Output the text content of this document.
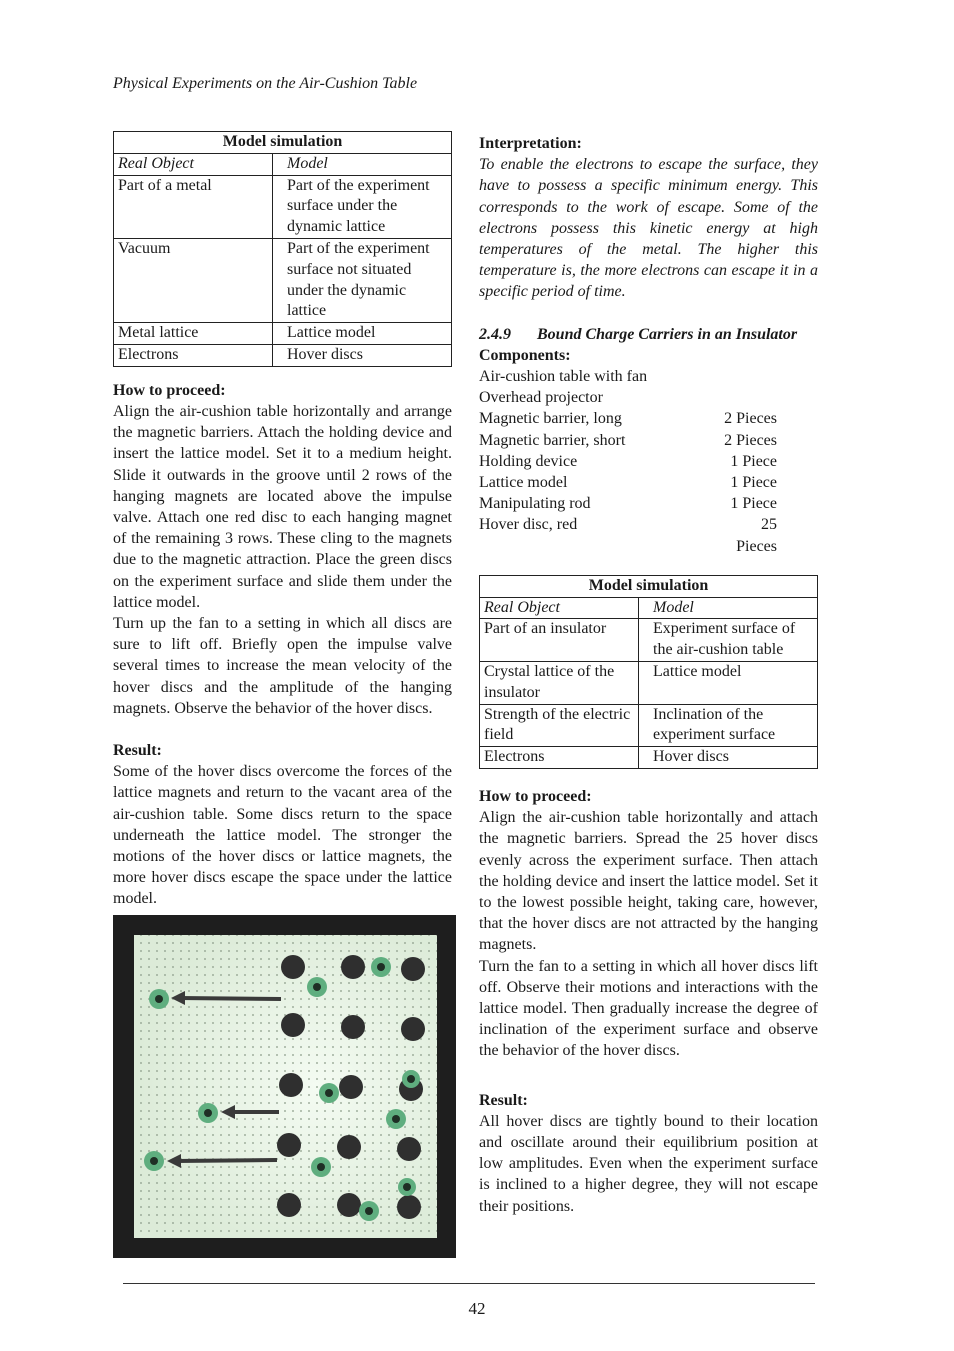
Physical Experiments on the Air-Cushion Table
Model simulation	
Real Object	Model
Part of a metal	Part of the experiment surface under the dynamic lattice
Vacuum	Part of the experiment surface not situated under the dynamic lattice
Metal lattice	Lattice model
Electrons	Hover discs
How to proceed:

Align the air-cushion table horizontally and arrange the magnetic barriers. Attach the holding device and insert the lattice model. Set it to a medium height. Slide it outwards in the groove until 2 rows of the hanging magnets are located above the impulse valve. Attach one red disc to each hanging magnet of the remaining 3 rows. These cling to the magnets due to the magnetic attraction. Place the green discs on the experiment surface and slide them under the lattice model.

Turn up the fan to a setting in which all discs are sure to lift off. Briefly open the impulse valve several times to increase the mean velocity of the hover discs and the amplitude of the hanging magnets. Observe the behavior of the hover discs.

Result:

Some of the hover discs overcome the forces of the lattice magnets and return to the vacant area of the air-cushion table. Some discs return to the space underneath the lattice model. The stronger the motions of the hover discs or lattice magnets, the more hover discs escape the space under the lattice model.

Interpretation:

To enable the electrons to escape the surface, they have to possess a specific minimum energy. This corresponds to the work of escape. Some of the electrons possess this kinetic energy at high temperatures of the metal. The higher this temperature is, the more electrons can escape it in a specific period of time.

2.4.9	Bound Charge Carriers in an Insulator
Components:
Air-cushion table with fan
Overhead projector
Magnetic barrier, long	2 Pieces
Magnetic barrier, short	2 Pieces
Holding device	1 Piece
Lattice model	1 Piece
Manipulating rod	1 Piece
Hover disc, red	25 Pieces
Model simulation	
Real Object	Model
Part of an insulator	Experiment surface of the air-cushion table
Crystal lattice of the insulator	Lattice model
Strength of the electric field	Inclination of the experiment surface
Electrons	Hover discs
How to proceed:

Align the air-cushion table horizontally and attach the magnetic barriers. Spread the 25 hover discs evenly across the experiment surface. Then attach the holding device and insert the lattice model. Set it to the lowest possible height, taking care, however, that the hover discs are not attracted by the hanging magnets.

Turn the fan to a setting in which all hover discs lift off. Observe their motions and interactions with the lattice model. Then gradually increase the degree of inclination of the experiment surface and observe the behavior of the hover discs.

Result:

All hover discs are tightly bound to their location and oscillate around their equilibrium position at low amplitudes. Even when the experiment surface is inclined to a higher degree, they will not escape their positions.

42
